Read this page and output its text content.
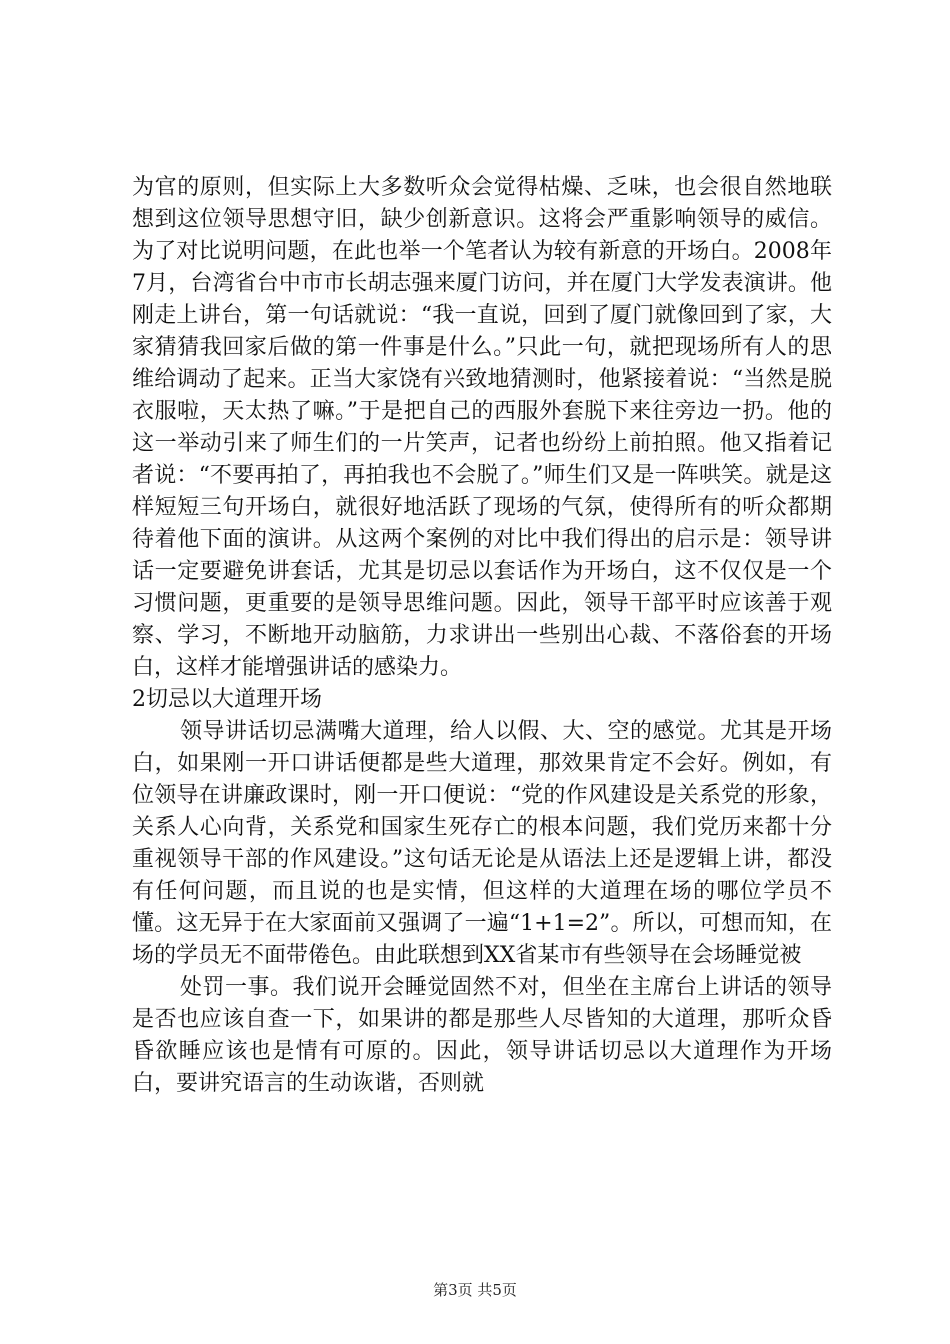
为官的原则，但实际上大多数听众会觉得枯燥、乏味，也会很自然地联想到这位领导思想守旧，缺少创新意识。这将会严重影响领导的威信。为了对比说明问题，在此也举一个笔者认为较有新意的开场白。2008年7月，台湾省台中市市长胡志强来厦门访问，并在厦门大学发表演讲。他刚走上讲台，第一句话就说：“我一直说，回到了厦门就像回到了家，大家猜猜我回家后做的第一件事是什么。”只此一句，就把现场所有人的思维给调动了起来。正当大家饶有兴致地猜测时，他紧接着说：“当然是脱衣服啦，天太热了嘛。”于是把自己的西服外套脱下来往旁边一扔。他的这一举动引来了师生们的一片笑声，记者也纷纷上前拍照。他又指着记者说：“不要再拍了，再拍我也不会脱了。”师生们又是一阵哄笑。就是这样短短三句开场白，就很好地活跃了现场的气氛，使得所有的听众都期待着他下面的演讲。从这两个案例的对比中我们得出的启示是：领导讲话一定要避免讲套话，尤其是切忌以套话作为开场白，这不仅仅是一个习惯问题，更重要的是领导思维问题。因此，领导干部平时应该善于观察、学习，不断地开动脑筋，力求讲出一些别出心裁、不落俗套的开场白，这样才能增强讲话的感染力。

2切忌以大道理开场

领导讲话切忌满嘴大道理，给人以假、大、空的感觉。尤其是开场白，如果刚一开口讲话便都是些大道理，那效果肯定不会好。例如，有位领导在讲廉政课时，刚一开口便说：“党的作风建设是关系党的形象，关系人心向背，关系党和国家生死存亡的根本问题，我们党历来都十分重视领导干部的作风建设。”这句话无论是从语法上还是逻辑上讲，都没有任何问题，而且说的也是实情，但这样的大道理在场的哪位学员不懂。这无异于在大家面前又强调了一遍“1+1=2”。所以，可想而知，在场的学员无不面带倦色。由此联想到XX省某市有些领导在会场睡觉被

处罚一事。我们说开会睡觉固然不对，但坐在主席台上讲话的领导是否也应该自查一下，如果讲的都是那些人尽皆知的大道理，那听众昏昏欲睡应该也是情有可原的。因此，领导讲话切忌以大道理作为开场白，要讲究语言的生动诙谐，否则就

第3页 共5页
